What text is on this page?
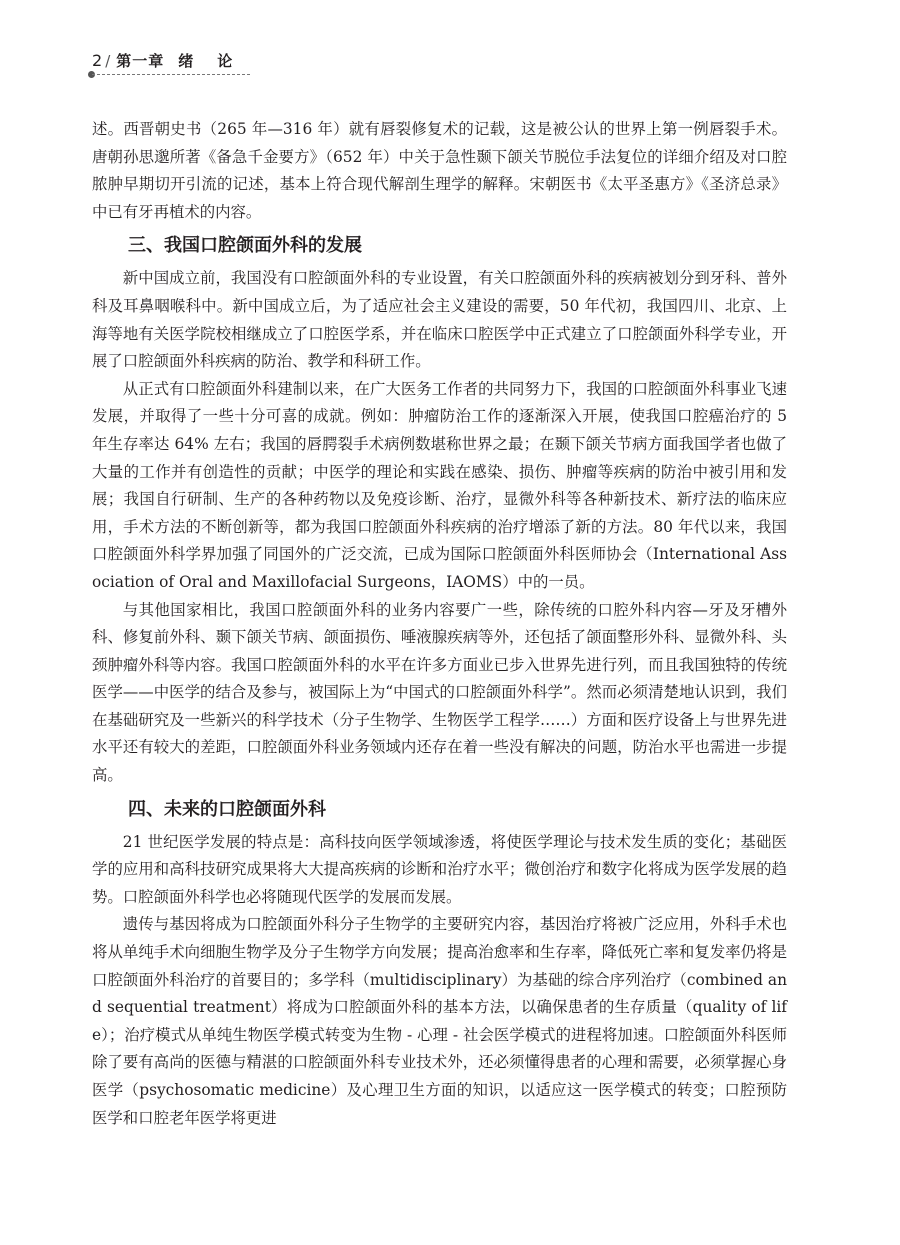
2 / 第一章 绪论

述。西晋朝史书（265 年—316 年）就有唇裂修复术的记载，这是被公认的世界上第一例唇裂手术。唐朝孙思邈所著《备急千金要方》（652 年）中关于急性颞下颌关节脱位手法复位的详细介绍及对口腔脓肿早期切开引流的记述，基本上符合现代解剖生理学的解释。宋朝医书《太平圣惠方》《圣济总录》中已有牙再植术的内容。

三、我国口腔颌面外科的发展

新中国成立前，我国没有口腔颌面外科的专业设置，有关口腔颌面外科的疾病被划分到牙科、普外科及耳鼻咽喉科中。新中国成立后，为了适应社会主义建设的需要，50 年代初，我国四川、北京、上海等地有关医学院校相继成立了口腔医学系，并在临床口腔医学中正式建立了口腔颌面外科学专业，开展了口腔颌面外科疾病的防治、教学和科研工作。

从正式有口腔颌面外科建制以来，在广大医务工作者的共同努力下，我国的口腔颌面外科事业飞速发展，并取得了一些十分可喜的成就。例如：肿瘤防治工作的逐渐深入开展，使我国口腔癌治疗的 5 年生存率达 64% 左右；我国的唇腭裂手术病例数堪称世界之最；在颞下颌关节病方面我国学者也做了大量的工作并有创造性的贡献；中医学的理论和实践在感染、损伤、肿瘤等疾病的防治中被引用和发展；我国自行研制、生产的各种药物以及免疫诊断、治疗，显微外科等各种新技术、新疗法的临床应用，手术方法的不断创新等，都为我国口腔颌面外科疾病的治疗增添了新的方法。80 年代以来，我国口腔颌面外科学界加强了同国外的广泛交流，已成为国际口腔颌面外科医师协会（International Association of Oral and Maxillofacial Surgeons，IAOMS）中的一员。

与其他国家相比，我国口腔颌面外科的业务内容要广一些，除传统的口腔外科内容—牙及牙槽外科、修复前外科、颞下颌关节病、颌面损伤、唾液腺疾病等外，还包括了颌面整形外科、显微外科、头颈肿瘤外科等内容。我国口腔颌面外科的水平在许多方面业已步入世界先进行列，而且我国独特的传统医学——中医学的结合及参与，被国际上为“中国式的口腔颌面外科学”。然而必须清楚地认识到，我们在基础研究及一些新兴的科学技术（分子生物学、生物医学工程学……）方面和医疗设备上与世界先进水平还有较大的差距，口腔颌面外科业务领域内还存在着一些没有解决的问题，防治水平也需进一步提高。

四、未来的口腔颌面外科

21 世纪医学发展的特点是：高科技向医学领域渗透，将使医学理论与技术发生质的变化；基础医学的应用和高科技研究成果将大大提高疾病的诊断和治疗水平；微创治疗和数字化将成为医学发展的趋势。口腔颌面外科学也必将随现代医学的发展而发展。

遗传与基因将成为口腔颌面外科分子生物学的主要研究内容，基因治疗将被广泛应用，外科手术也将从单纯手术向细胞生物学及分子生物学方向发展；提高治愈率和生存率，降低死亡率和复发率仍将是口腔颌面外科治疗的首要目的；多学科（multidisciplinary）为基础的综合序列治疗（combined and sequential treatment）将成为口腔颌面外科的基本方法，以确保患者的生存质量（quality of life）；治疗模式从单纯生物医学模式转变为生物 - 心理 - 社会医学模式的进程将加速。口腔颌面外科医师除了要有高尚的医德与精湛的口腔颌面外科专业技术外，还必须懂得患者的心理和需要，必须掌握心身医学（psychosomatic medicine）及心理卫生方面的知识，以适应这一医学模式的转变；口腔预防医学和口腔老年医学将更进
